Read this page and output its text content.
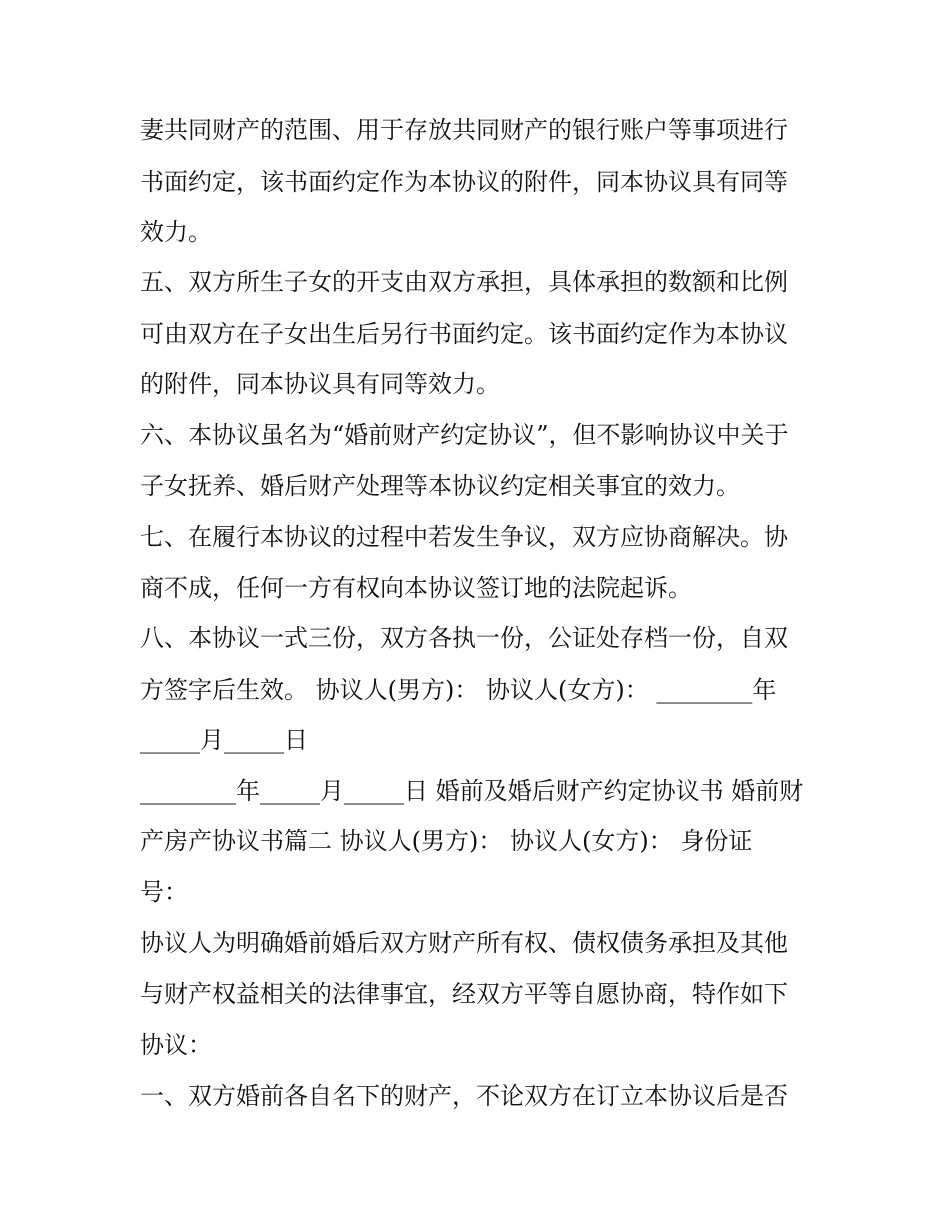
妻共同财产的范围、用于存放共同财产的银行账户等事项进行

书面约定，该书面约定作为本协议的附件，同本协议具有同等

效力。

五、双方所生子女的开支由双方承担，具体承担的数额和比例

可由双方在子女出生后另行书面约定。该书面约定作为本协议

的附件，同本协议具有同等效力。

六、本协议虽名为“婚前财产约定协议”，但不影响协议中关于

子女抚养、婚后财产处理等本协议约定相关事宜的效力。

七、在履行本协议的过程中若发生争议，双方应协商解决。协

商不成，任何一方有权向本协议签订地的法院起诉。

八、本协议一式三份，双方各执一份，公证处存档一份，自双

方签字后生效。 协议人(男方)： 协议人(女方)： ________年

_____月_____日

________年_____月_____日 婚前及婚后财产约定协议书 婚前财

产房产协议书篇二 协议人(男方)： 协议人(女方)： 身份证

号：

协议人为明确婚前婚后双方财产所有权、债权债务承担及其他

与财产权益相关的法律事宜，经双方平等自愿协商，特作如下

协议：

一、双方婚前各自名下的财产，不论双方在订立本协议后是否
